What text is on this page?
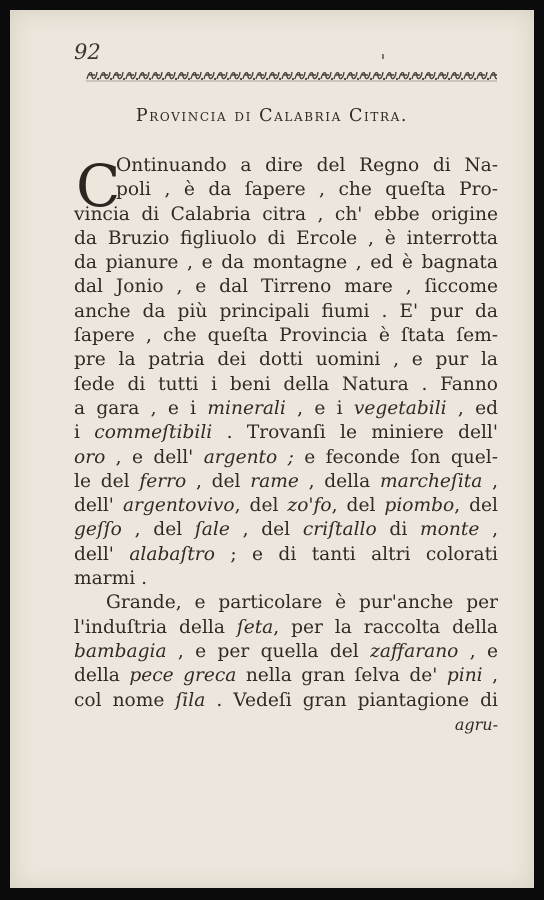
92
Provincia di Calabria Citra.
C
Ontinuando a dire del Regno di Na-
poli , è da ſapere , che queſta Pro-
vincia di Calabria citra , ch' ebbe origine
da Bruzio figliuolo di Ercole , è interrotta
da pianure , e da montagne , ed è bagnata
dal Jonio , e dal Tirreno mare , ſiccome
anche da più principali fiumi . E' pur da
ſapere , che queſta Provincia è ſtata ſem-
pre la patria dei dotti uomini , e pur la
ſede di tutti i beni della Natura . Fanno
a gara , e i minerali , e i vegetabili , ed
i commeſtibili . Trovanſi le miniere dell'
oro , e dell' argento ; e feconde ſon quel-
le del ferro , del rame , della marcheſita ,
dell' argentovivo, del zo'fo, del piombo, del
geſſo , del ſale , del criſtallo di monte ,
dell' alabaſtro ; e di tanti altri colorati
marmi .
Grande, e particolare è pur'anche per
l'induſtria della ſeta, per la raccolta della
bambagia , e per quella del zaffarano , e
della pece greca nella gran ſelva de' pini ,
col nome ſila . Vedeſi gran piantagione di
agru-
